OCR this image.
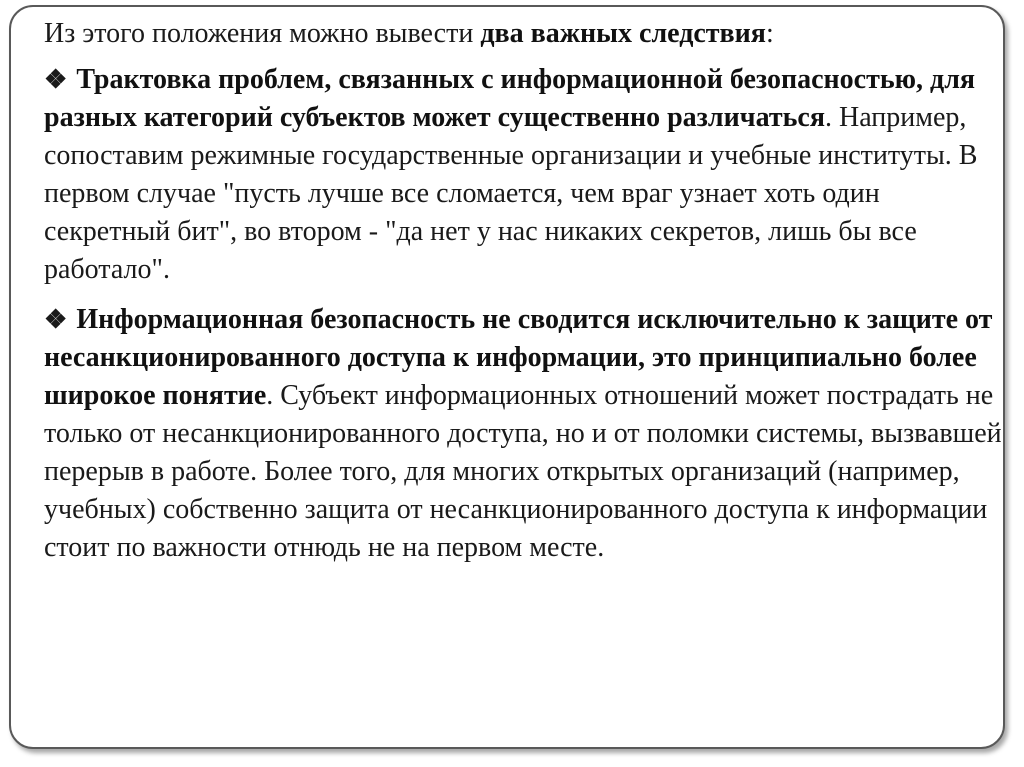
Из этого положения можно вывести два важных следствия:

❖ Трактовка проблем, связанных с информационной безопасностью, для разных категорий субъектов может существенно различаться. Например, сопоставим режимные государственные организации и учебные институты. В первом случае "пусть лучше все сломается, чем враг узнает хоть один секретный бит", во втором - "да нет у нас никаких секретов, лишь бы все работало".

❖ Информационная безопасность не сводится исключительно к защите от несанкционированного доступа к информации, это принципиально более широкое понятие. Субъект информационных отношений может пострадать не только от несанкционированного доступа, но и от поломки системы, вызвавшей перерыв в работе. Более того, для многих открытых организаций (например, учебных) собственно защита от несанкционированного доступа к информации стоит по важности отнюдь не на первом месте.
